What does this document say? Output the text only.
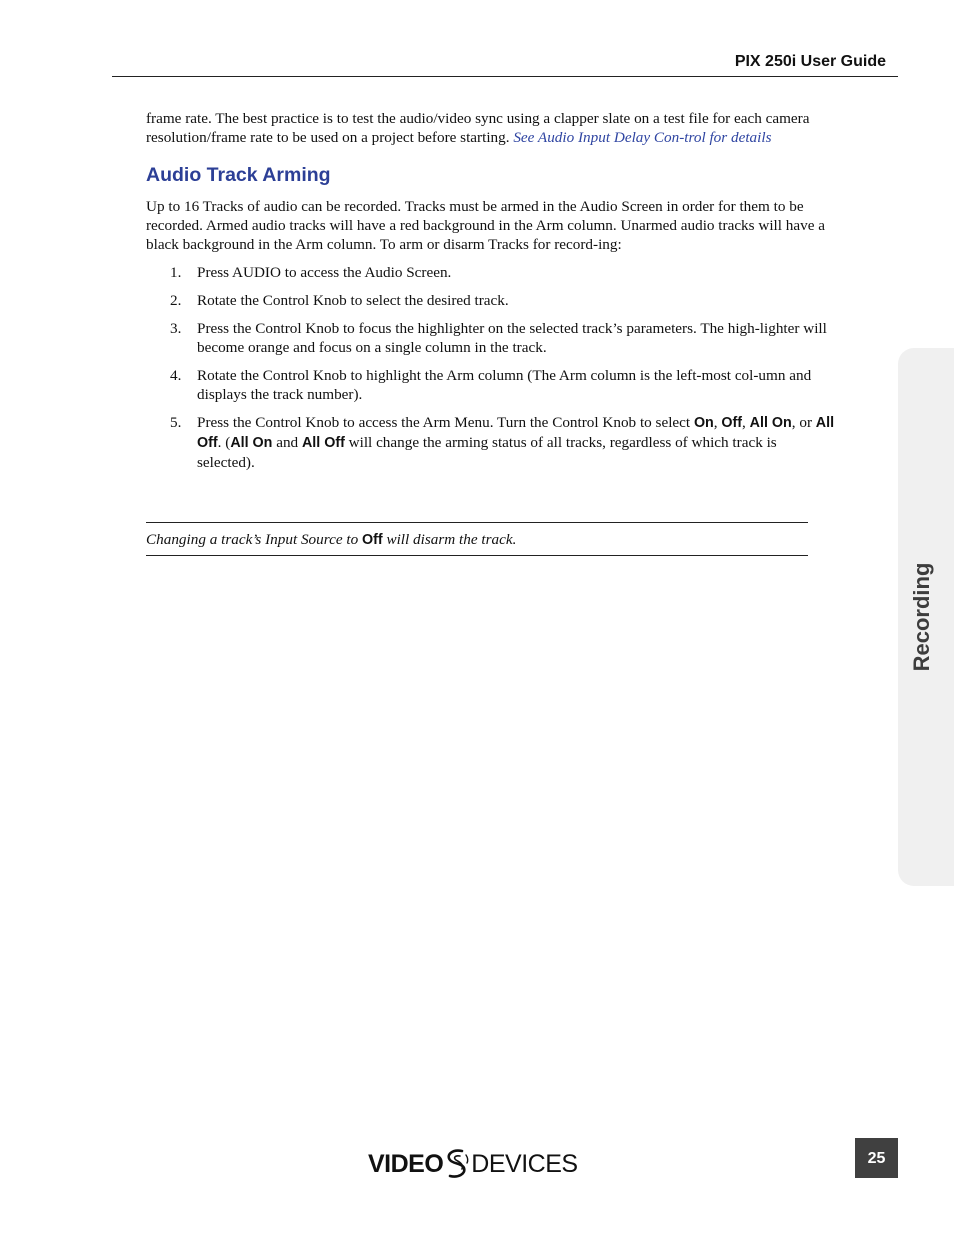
PIX 250i User Guide

frame rate. The best practice is to test the audio/video sync using a clapper slate on a test file for each camera resolution/frame rate to be used on a project before starting. See Audio Input Delay Con-trol for details

Audio Track Arming

Up to 16 Tracks of audio can be recorded. Tracks must be armed in the Audio Screen in order for them to be recorded. Armed audio tracks will have a red background in the Arm column. Unarmed audio tracks will have a black background in the Arm column. To arm or disarm Tracks for record-ing:

1.	Press AUDIO to access the Audio Screen.
2.	Rotate the Control Knob to select the desired track.
3.	Press the Control Knob to focus the highlighter on the selected track’s parameters. The high-lighter will become orange and focus on a single column in the track.
4.	Rotate the Control Knob to highlight the Arm column (The Arm column is the left-most col-umn and displays the track number).
5.	Press the Control Knob to access the Arm Menu. Turn the Control Knob to select On, Off, All On, or All Off. (All On and All Off will change the arming status of all tracks, regardless of which track is selected).
Changing a track’s Input Source to Off will disarm the track.
Recording
VIDEO DEVICES	25
